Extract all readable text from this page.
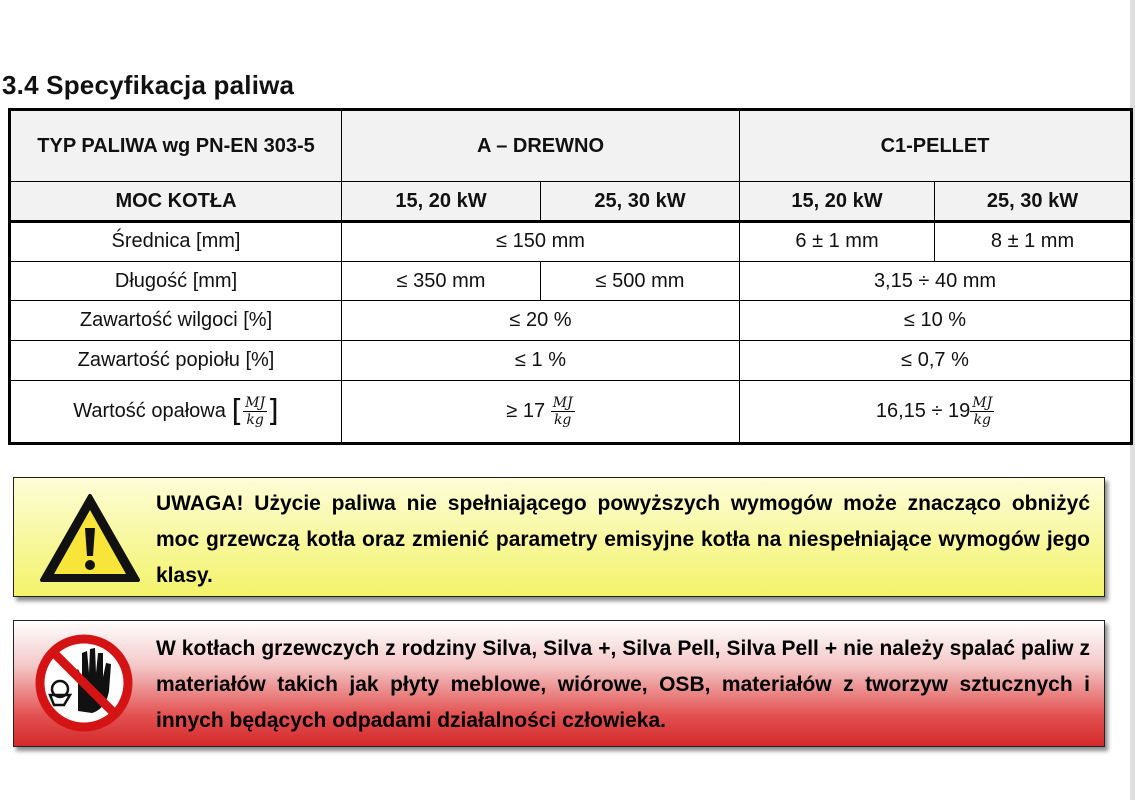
3.4 Specyfikacja paliwa
TYP PALIWA wg PN-EN 303-5	A – DREWNO		C1-PELLET	
MOC KOTŁA	15, 20 kW	25, 30 kW	15, 20 kW	25, 30 kW
Średnica [mm]	≤ 150 mm		6 ± 1 mm	8 ± 1 mm
Długość [mm]	≤ 350 mm	≤ 500 mm	3,15 ÷ 40 mm	
Zawartość wilgoci [%]	≤ 20 %		≤ 10 %	
Zawartość popiołu [%]	≤ 1 %		≤ 0,7 %	
Wartość opałowa [ $\frac{MJ}{kg}$ ]	≥ $17 \frac{MJ}{kg}$		$16,15 \div 19 \frac{MJ}{kg}$

UWAGA! Użycie paliwa nie spełniającego powyższych wymogów może znacząco obniżyć moc grzewczą kotła oraz zmienić parametry emisyjne kotła na niespełniające wymogów jego klasy.

W kotłach grzewczych z rodziny Silva, Silva +, Silva Pell, Silva Pell + nie należy spalać paliw z materiałów takich jak płyty meblowe, wiórowe, OSB, materiałów z tworzyw sztucznych i innych będących odpadami działalności człowieka.
